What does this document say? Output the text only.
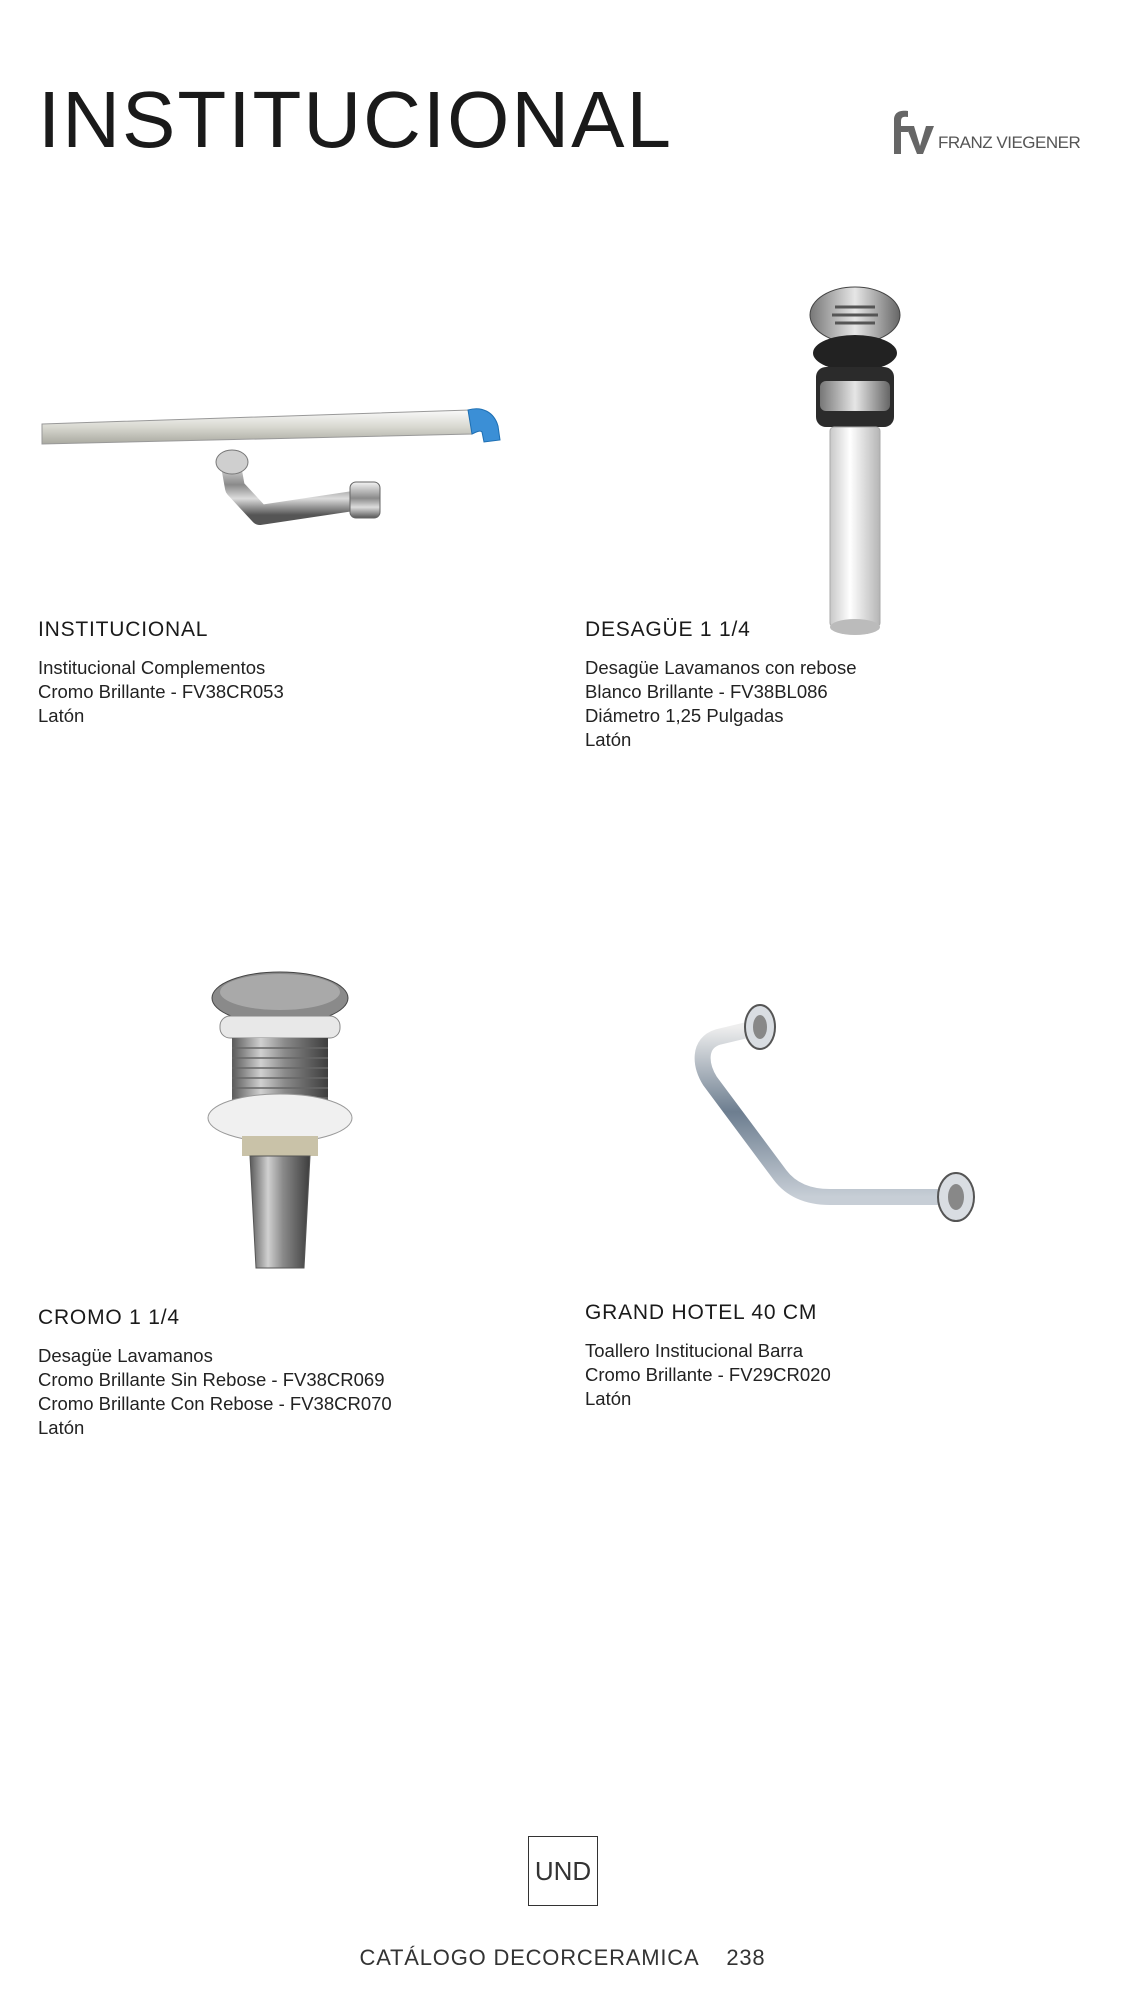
INSTITUCIONAL	FRANZ VIEGENER
INSTITUCIONAL
Institucional Complementos
Cromo Brillante - FV38CR053
Latón
DESAGÜE 1 1/4
Desagüe Lavamanos con rebose
Blanco Brillante - FV38BL086
Diámetro 1,25 Pulgadas
Latón
CROMO 1 1/4
Desagüe Lavamanos
Cromo Brillante Sin Rebose - FV38CR069
Cromo Brillante Con Rebose - FV38CR070
Latón
GRAND HOTEL 40 CM
Toallero Institucional Barra
Cromo Brillante - FV29CR020
Latón
UND
CATÁLOGO DECORCERAMICA 238
